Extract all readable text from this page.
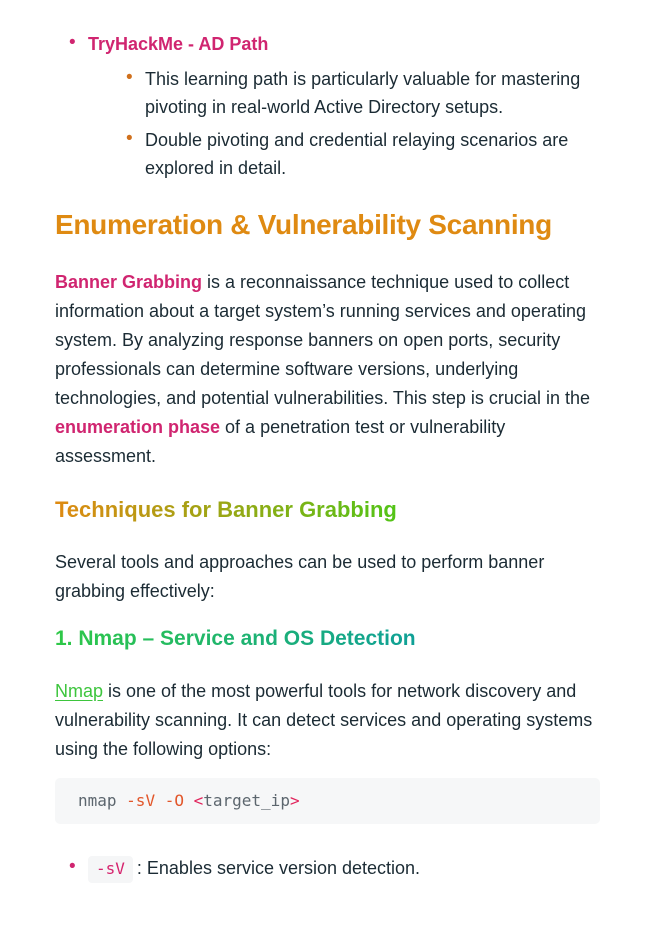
• TryHackMe - AD Path
• This learning path is particularly valuable for mastering pivoting in real-world Active Directory setups.
• Double pivoting and credential relaying scenarios are explored in detail.
Enumeration & Vulnerability Scanning

Banner Grabbing is a reconnaissance technique used to collect information about a target system’s running services and operating system. By analyzing response banners on open ports, security professionals can determine software versions, underlying technologies, and potential vulnerabilities. This step is crucial in the enumeration phase of a penetration test or vulnerability assessment.

Techniques for Banner Grabbing

Several tools and approaches can be used to perform banner grabbing effectively:

1. Nmap – Service and OS Detection

Nmap is one of the most powerful tools for network discovery and vulnerability scanning. It can detect services and operating systems using the following options:

nmap -sV -O <target_ip>
• -sV : Enables service version detection.
